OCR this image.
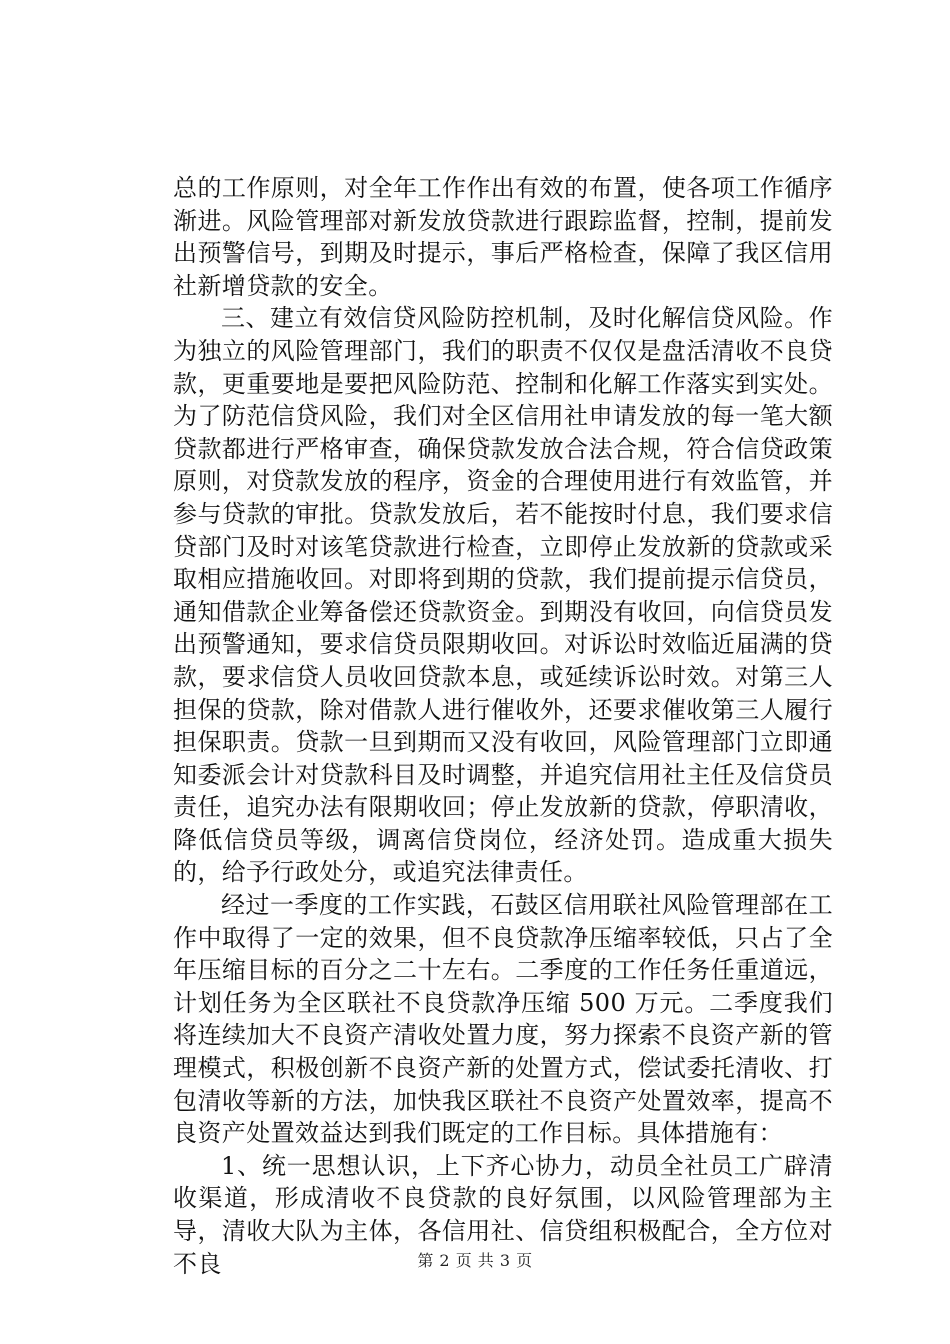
总的工作原则，对全年工作作出有效的布置，使各项工作循序渐进。风险管理部对新发放贷款进行跟踪监督，控制，提前发出预警信号，到期及时提示，事后严格检查，保障了我区信用社新增贷款的安全。

三、建立有效信贷风险防控机制，及时化解信贷风险。作为独立的风险管理部门，我们的职责不仅仅是盘活清收不良贷款，更重要地是要把风险防范、控制和化解工作落实到实处。为了防范信贷风险，我们对全区信用社申请发放的每一笔大额贷款都进行严格审查，确保贷款发放合法合规，符合信贷政策原则，对贷款发放的程序，资金的合理使用进行有效监管，并参与贷款的审批。贷款发放后，若不能按时付息，我们要求信贷部门及时对该笔贷款进行检查，立即停止发放新的贷款或采取相应措施收回。对即将到期的贷款，我们提前提示信贷员，通知借款企业筹备偿还贷款资金。到期没有收回，向信贷员发出预警通知，要求信贷员限期收回。对诉讼时效临近届满的贷款，要求信贷人员收回贷款本息，或延续诉讼时效。对第三人担保的贷款，除对借款人进行催收外，还要求催收第三人履行担保职责。贷款一旦到期而又没有收回，风险管理部门立即通知委派会计对贷款科目及时调整，并追究信用社主任及信贷员责任，追究办法有限期收回；停止发放新的贷款，停职清收，降低信贷员等级，调离信贷岗位，经济处罚。造成重大损失的，给予行政处分，或追究法律责任。

经过一季度的工作实践，石鼓区信用联社风险管理部在工作中取得了一定的效果，但不良贷款净压缩率较低，只占了全年压缩目标的百分之二十左右。二季度的工作任务任重道远，计划任务为全区联社不良贷款净压缩 500 万元。二季度我们将连续加大不良资产清收处置力度，努力探索不良资产新的管理模式，积极创新不良资产新的处置方式，偿试委托清收、打包清收等新的方法，加快我区联社不良资产处置效率，提高不良资产处置效益达到我们既定的工作目标。具体措施有：

1、统一思想认识，上下齐心协力，动员全社员工广辟清收渠道，形成清收不良贷款的良好氛围，以风险管理部为主导，清收大队为主体，各信用社、信贷组积极配合，全方位对不良	第 2 页 共 3 页
